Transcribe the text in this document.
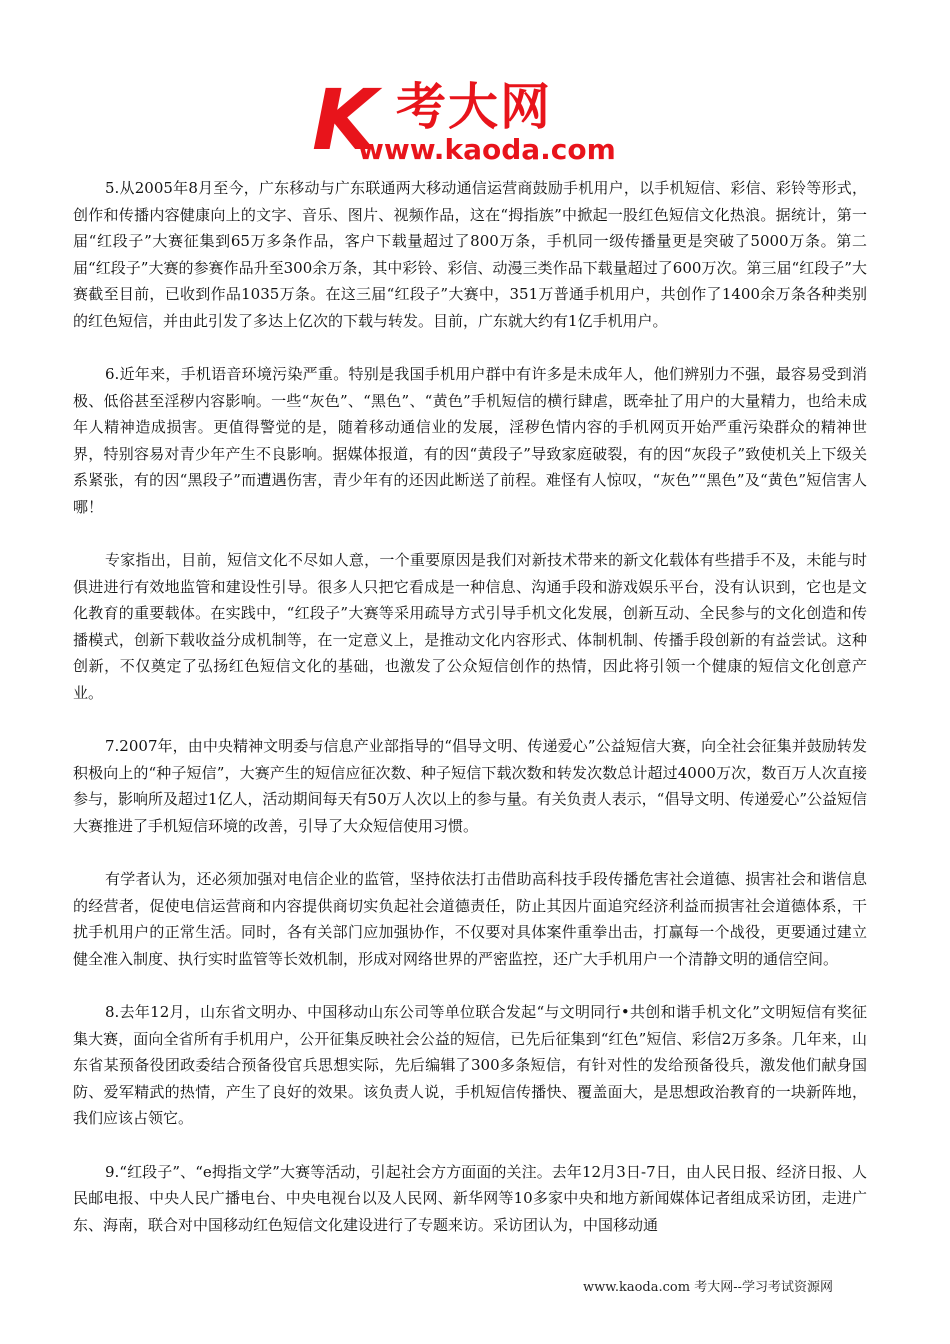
K 考大网
www.kaoda.com

5.从2005年8月至今，广东移动与广东联通两大移动通信运营商鼓励手机用户，以手机短信、彩信、彩铃等形式，创作和传播内容健康向上的文字、音乐、图片、视频作品，这在“拇指族”中掀起一股红色短信文化热浪。据统计，第一届“红段子”大赛征集到65万多条作品，客户下载量超过了800万条，手机同一级传播量更是突破了5000万条。第二届“红段子”大赛的参赛作品升至300余万条，其中彩铃、彩信、动漫三类作品下载量超过了600万次。第三届“红段子”大赛截至目前，已收到作品1035万条。在这三届“红段子”大赛中，351万普通手机用户，共创作了1400余万条各种类别的红色短信，并由此引发了多达上亿次的下载与转发。目前，广东就大约有1亿手机用户。

6.近年来，手机语音环境污染严重。特别是我国手机用户群中有许多是未成年人，他们辨别力不强，最容易受到消极、低俗甚至淫秽内容影响。一些“灰色”、“黑色”、“黄色”手机短信的横行肆虐，既牵扯了用户的大量精力，也给未成年人精神造成损害。更值得警觉的是，随着移动通信业的发展，淫秽色情内容的手机网页开始严重污染群众的精神世界，特别容易对青少年产生不良影响。据媒体报道，有的因“黄段子”导致家庭破裂，有的因“灰段子”致使机关上下级关系紧张，有的因“黑段子”而遭遇伤害，青少年有的还因此断送了前程。难怪有人惊叹，“灰色”“黑色”及“黄色”短信害人哪！

专家指出，目前，短信文化不尽如人意，一个重要原因是我们对新技术带来的新文化载体有些措手不及，未能与时俱进进行有效地监管和建设性引导。很多人只把它看成是一种信息、沟通手段和游戏娱乐平台，没有认识到，它也是文化教育的重要载体。在实践中，“红段子”大赛等采用疏导方式引导手机文化发展，创新互动、全民参与的文化创造和传播模式，创新下载收益分成机制等，在一定意义上，是推动文化内容形式、体制机制、传播手段创新的有益尝试。这种创新，不仅奠定了弘扬红色短信文化的基础，也激发了公众短信创作的热情，因此将引领一个健康的短信文化创意产业。

7.2007年，由中央精神文明委与信息产业部指导的“倡导文明、传递爱心”公益短信大赛，向全社会征集并鼓励转发积极向上的“种子短信”，大赛产生的短信应征次数、种子短信下载次数和转发次数总计超过4000万次，数百万人次直接参与，影响所及超过1亿人，活动期间每天有50万人次以上的参与量。有关负责人表示，“倡导文明、传递爱心”公益短信大赛推进了手机短信环境的改善，引导了大众短信使用习惯。

有学者认为，还必须加强对电信企业的监管，坚持依法打击借助高科技手段传播危害社会道德、损害社会和谐信息的经营者，促使电信运营商和内容提供商切实负起社会道德责任，防止其因片面追究经济利益而损害社会道德体系，干扰手机用户的正常生活。同时，各有关部门应加强协作，不仅要对具体案件重拳出击，打赢每一个战役，更要通过建立健全准入制度、执行实时监管等长效机制，形成对网络世界的严密监控，还广大手机用户一个清静文明的通信空间。

8.去年12月，山东省文明办、中国移动山东公司等单位联合发起“与文明同行•共创和谐手机文化”文明短信有奖征集大赛，面向全省所有手机用户，公开征集反映社会公益的短信，已先后征集到“红色”短信、彩信2万多条。几年来，山东省某预备役团政委结合预备役官兵思想实际，先后编辑了300多条短信，有针对性的发给预备役兵，激发他们献身国防、爱军精武的热情，产生了良好的效果。该负责人说，手机短信传播快、覆盖面大，是思想政治教育的一块新阵地，我们应该占领它。

9.“红段子”、“e拇指文学”大赛等活动，引起社会方方面面的关注。去年12月3日-7日，由人民日报、经济日报、人民邮电报、中央人民广播电台、中央电视台以及人民网、新华网等10多家中央和地方新闻媒体记者组成采访团，走进广东、海南，联合对中国移动红色短信文化建设进行了专题来访。采访团认为，中国移动通

www.kaoda.com 考大网--学习考试资源网
